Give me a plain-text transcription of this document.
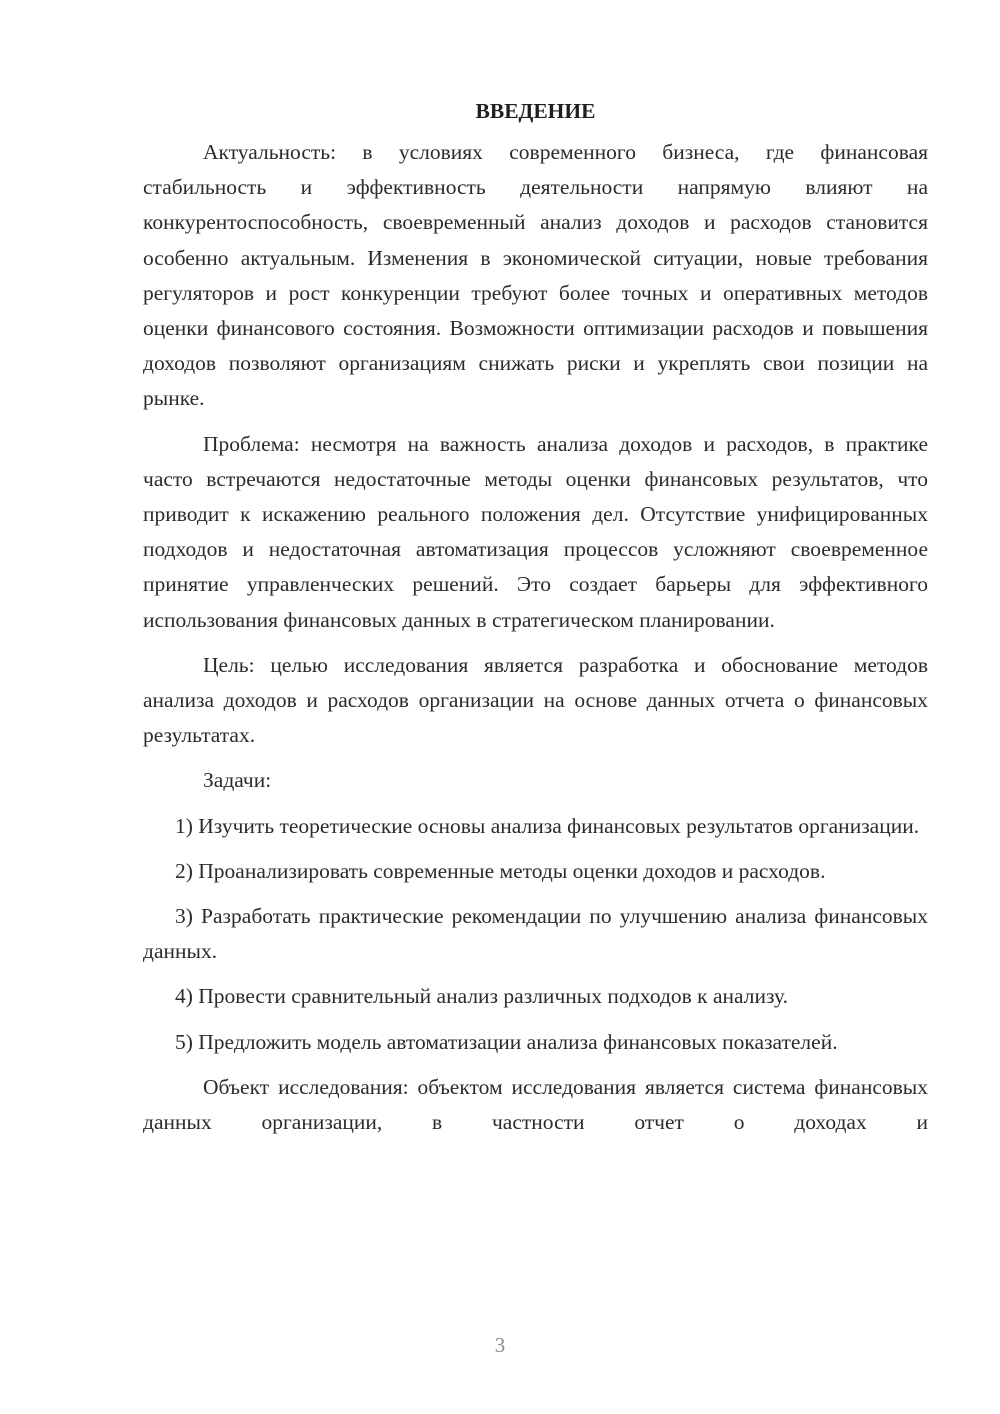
ВВЕДЕНИЕ

Актуальность: в условиях современного бизнеса, где финансовая стабильность и эффективность деятельности напрямую влияют на конкурентоспособность, своевременный анализ доходов и расходов становится особенно актуальным. Изменения в экономической ситуации, новые требования регуляторов и рост конкуренции требуют более точных и оперативных методов оценки финансового состояния. Возможности оптимизации расходов и повышения доходов позволяют организациям снижать риски и укреплять свои позиции на рынке.

Проблема: несмотря на важность анализа доходов и расходов, в практике часто встречаются недостаточные методы оценки финансовых результатов, что приводит к искажению реального положения дел. Отсутствие унифицированных подходов и недостаточная автоматизация процессов усложняют своевременное принятие управленческих решений. Это создает барьеры для эффективного использования финансовых данных в стратегическом планировании.

Цель: целью исследования является разработка и обоснование методов анализа доходов и расходов организации на основе данных отчета о финансовых результатах.

Задачи:

1) Изучить теоретические основы анализа финансовых результатов организации.

2) Проанализировать современные методы оценки доходов и расходов.

3) Разработать практические рекомендации по улучшению анализа финансовых данных.

4) Провести сравнительный анализ различных подходов к анализу.

5) Предложить модель автоматизации анализа финансовых показателей.

Объект исследования: объектом исследования является система финансовых данных организации, в частности отчет о доходах и

3
